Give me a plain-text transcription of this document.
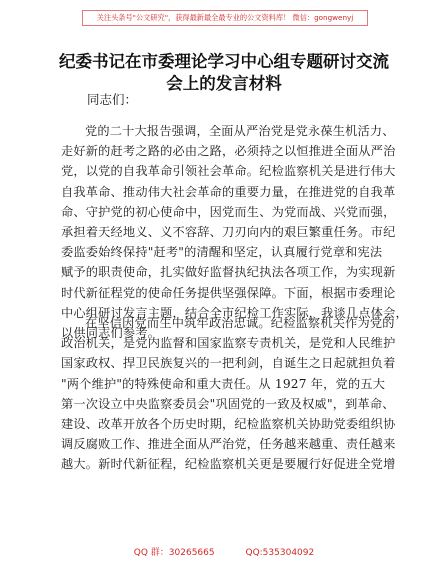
关注头条号"公文研究"，获得最新最全最专业的公文资料库！ 微信：gongwenyj
纪委书记在市委理论学习中心组专题研讨交流
会上的发言材料
同志们：
党的二十大报告强调，全面从严治党是党永葆生机活力、
走好新的赶考之路的必由之路，必须持之以恒推进全面从严治
党，以党的自我革命引领社会革命。纪检监察机关是进行伟大
自我革命、推动伟大社会革命的重要力量，在推进党的自我革
命、守护党的初心使命中，因党而生、为党而战、兴党而强，
承担着天经地义、义不容辞、刀刃向内的艰巨繁重任务。市纪
委监委始终保持"赶考"的清醒和坚定，认真履行党章和宪法
赋予的职责使命，扎实做好监督执纪执法各项工作，为实现新
时代新征程党的使命任务提供坚强保障。下面，根据市委理论
中心组研讨发言主题，结合全市纪检工作实际，我谈几点体会，
以供同志们参考。
在坚信因党而生中筑牢政治忠诚。纪检监察机关作为党的
政治机关，是党内监督和国家监察专责机关，是党和人民维护
国家政权、捍卫民族复兴的一把利剑，自诞生之日起就担负着
"两个维护"的特殊使命和重大责任。从 1927 年，党的五大
第一次设立中央监察委员会"巩固党的一致及权威"，到革命、
建设、改革开放各个历史时期，纪检监察机关协助党委组织协
调反腐败工作、推进全面从严治党，任务越来越重、责任越来
越大。新时代新征程，纪检监察机关更是要履行好促进全党增
QQ 群：30265665	QQ:535304092
